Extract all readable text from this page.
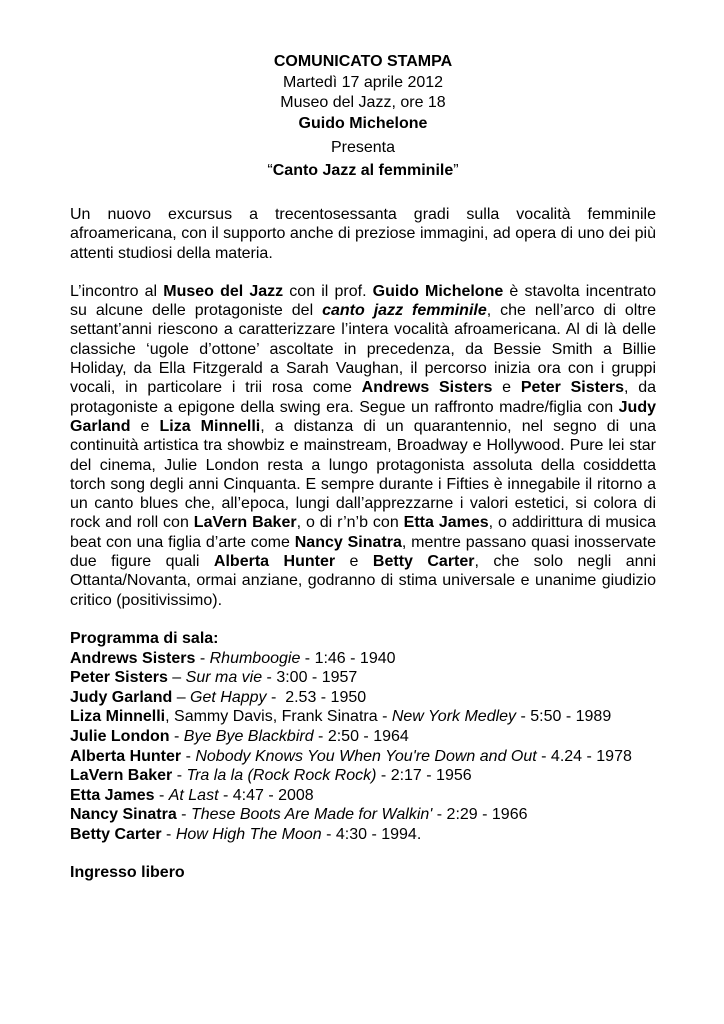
COMUNICATO STAMPA
Martedì 17 aprile 2012
Museo del Jazz, ore 18
Guido Michelone
Presenta
“Canto Jazz al femminile”

Un nuovo excursus a trecentosessanta gradi sulla vocalità femminile afroamericana, con il supporto anche di preziose immagini, ad opera di uno dei più attenti studiosi della materia.

L’incontro al Museo del Jazz con il prof. Guido Michelone è stavolta incentrato su alcune delle protagoniste del canto jazz femminile, che nell’arco di oltre settant’anni riescono a caratterizzare l’intera vocalità afroamericana. Al di là delle classiche ‘ugole d’ottone’ ascoltate in precedenza, da Bessie Smith a Billie Holiday, da Ella Fitzgerald a Sarah Vaughan, il percorso inizia ora con i gruppi vocali, in particolare i trii rosa come Andrews Sisters e Peter Sisters, da protagoniste a epigone della swing era. Segue un raffronto madre/figlia con Judy Garland e Liza Minnelli, a distanza di un quarantennio, nel segno di una continuità artistica tra showbiz e mainstream, Broadway e Hollywood. Pure lei star del cinema, Julie London resta a lungo protagonista assoluta della cosiddetta torch song degli anni Cinquanta. E sempre durante i Fifties è innegabile il ritorno a un canto blues che, all’epoca, lungi dall’apprezzarne i valori estetici, si colora di rock and roll con LaVern Baker, o di r’n’b con Etta James, o addirittura di musica beat con una figlia d’arte come Nancy Sinatra, mentre passano quasi inosservate due figure quali Alberta Hunter e Betty Carter, che solo negli anni Ottanta/Novanta, ormai anziane, godranno di stima universale e unanime giudizio critico (positivissimo).

Programma di sala:
Andrews Sisters - Rhumboogie - 1:46 - 1940
Peter Sisters – Sur ma vie - 3:00 - 1957
Judy Garland – Get Happy -  2.53 - 1950
Liza Minnelli, Sammy Davis, Frank Sinatra - New York Medley - 5:50 - 1989
Julie London - Bye Bye Blackbird - 2:50 - 1964
Alberta Hunter - Nobody Knows You When You're Down and Out - 4.24 - 1978
LaVern Baker - Tra la la (Rock Rock Rock) - 2:17 - 1956
Etta James - At Last - 4:47 - 2008
Nancy Sinatra - These Boots Are Made for Walkin' - 2:29 - 1966
Betty Carter - How High The Moon - 4:30 - 1994.
Ingresso libero
